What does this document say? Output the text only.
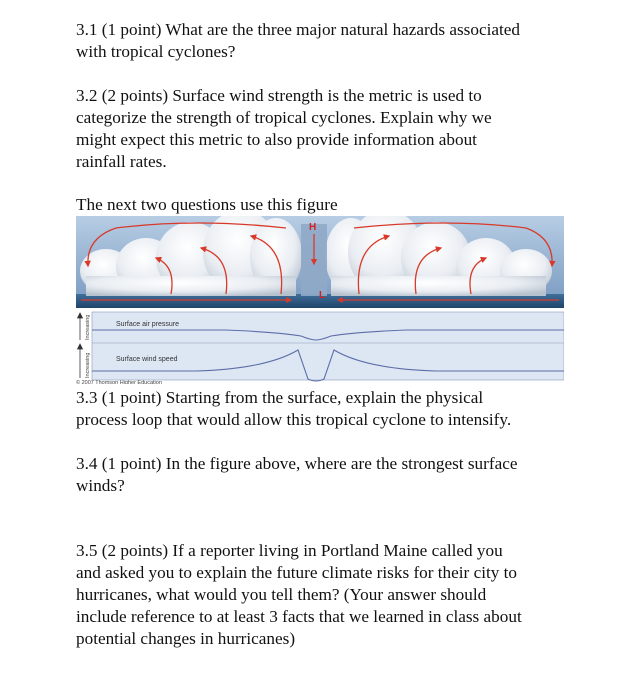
3.1 (1 point) What are the three major natural hazards associated
with tropical cyclones?

3.2 (2 points) Surface wind strength is the metric is used to
categorize the strength of tropical cyclones. Explain why we
might expect this metric to also provide information about
rainfall rates.

The next two questions use this figure

H
L
Increasing
Increasing
Surface air pressure
Surface wind speed
© 2007 Thomson Higher Education

3.3 (1 point) Starting from the surface, explain the physical
process loop that would allow this tropical cyclone to intensify.

3.4 (1 point) In the figure above, where are the strongest surface
winds?

3.5 (2 points) If a reporter living in Portland Maine called you
and asked you to explain the future climate risks for their city to
hurricanes, what would you tell them? (Your answer should
include reference to at least 3 facts that we learned in class about
potential changes in hurricanes)
